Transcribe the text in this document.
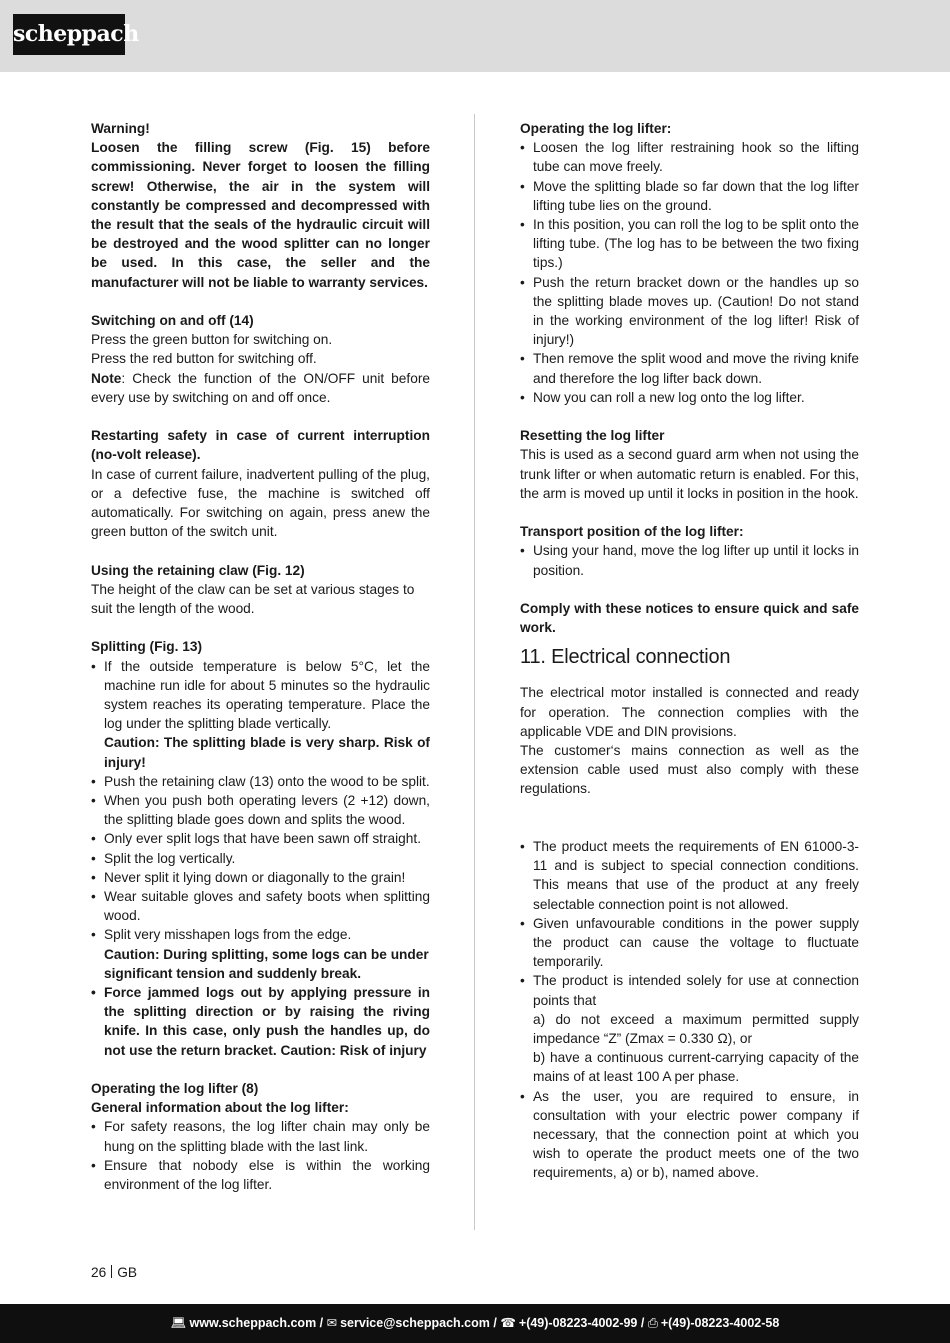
scheppach

Warning!

Loosen the filling screw (Fig. 15) before commissioning. Never forget to loosen the filling screw! Otherwise, the air in the system will constantly be compressed and decompressed with the result that the seals of the hydraulic circuit will be destroyed and the wood splitter can no longer be used. In this case, the seller and the manufacturer will not be liable to warranty services.

Switching on and off (14)

Press the green button for switching on.

Press the red button for switching off.

Note: Check the function of the ON/OFF unit before every use by switching on and off once.

Restarting safety in case of current interruption (no-volt release).

In case of current failure, inadvertent pulling of the plug, or a defective fuse, the machine is switched off automatically. For switching on again, press anew the green button of the switch unit.

Using the retaining claw (Fig. 12)

The height of the claw can be set at various stages to suit the length of the wood.

Splitting (Fig. 13)

• If the outside temperature is below 5°C, let the machine run idle for about 5 minutes so the hydraulic system reaches its operating temperature. Place the log under the splitting blade vertically.
Caution: The splitting blade is very sharp. Risk of injury!
• Push the retaining claw (13) onto the wood to be split.
• When you push both operating levers (2 +12) down, the splitting blade goes down and splits the wood.
• Only ever split logs that have been sawn off straight.
• Split the log vertically.
• Never split it lying down or diagonally to the grain!
• Wear suitable gloves and safety boots when splitting wood.
• Split very misshapen logs from the edge.
Caution: During splitting, some logs can be under significant tension and suddenly break.
• Force jammed logs out by applying pressure in the splitting direction or by raising the riving knife. In this case, only push the handles up, do not use the return bracket. Caution: Risk of injury

Operating the log lifter (8)

General information about the log lifter:

• For safety reasons, the log lifter chain may only be hung on the splitting blade with the last link.
• Ensure that nobody else is within the working environment of the log lifter.

Operating the log lifter:

• Loosen the log lifter restraining hook so the lifting tube can move freely.
• Move the splitting blade so far down that the log lifter lifting tube lies on the ground.
• In this position, you can roll the log to be split onto the lifting tube. (The log has to be between the two fixing tips.)
• Push the return bracket down or the handles up so the splitting blade moves up. (Caution! Do not stand in the working environment of the log lifter! Risk of injury!)
• Then remove the split wood and move the riving knife and therefore the log lifter back down.
• Now you can roll a new log onto the log lifter.

Resetting the log lifter

This is used as a second guard arm when not using the trunk lifter or when automatic return is enabled. For this, the arm is moved up until it locks in position in the hook.

Transport position of the log lifter:

• Using your hand, move the log lifter up until it locks in position.

Comply with these notices to ensure quick and safe work.

11. Electrical connection

The electrical motor installed is connected and ready for operation. The connection complies with the applicable VDE and DIN provisions.

The customer‘s mains connection as well as the extension cable used must also comply with these regulations.

• The product meets the requirements of EN 61000-3-11 and is subject to special connection conditions. This means that use of the product at any freely selectable connection point is not allowed.
• Given unfavourable conditions in the power supply the product can cause the voltage to fluctuate temporarily.
• The product is intended solely for use at connection points that
a) do not exceed a maximum permitted supply impedance “Z” (Zmax = 0.330 Ω), or
b) have a continuous current-carrying capacity of the mains of at least 100 A per phase.
• As the user, you are required to ensure, in consultation with your electric power company if necessary, that the connection point at which you wish to operate the product meets one of the two requirements, a) or b), named above.
26 GB
💻︎ www.scheppach.com / ✉︎ service@scheppach.com / ☎︎ +(49)-08223-4002-99 / ⎙︎ +(49)-08223-4002-58
